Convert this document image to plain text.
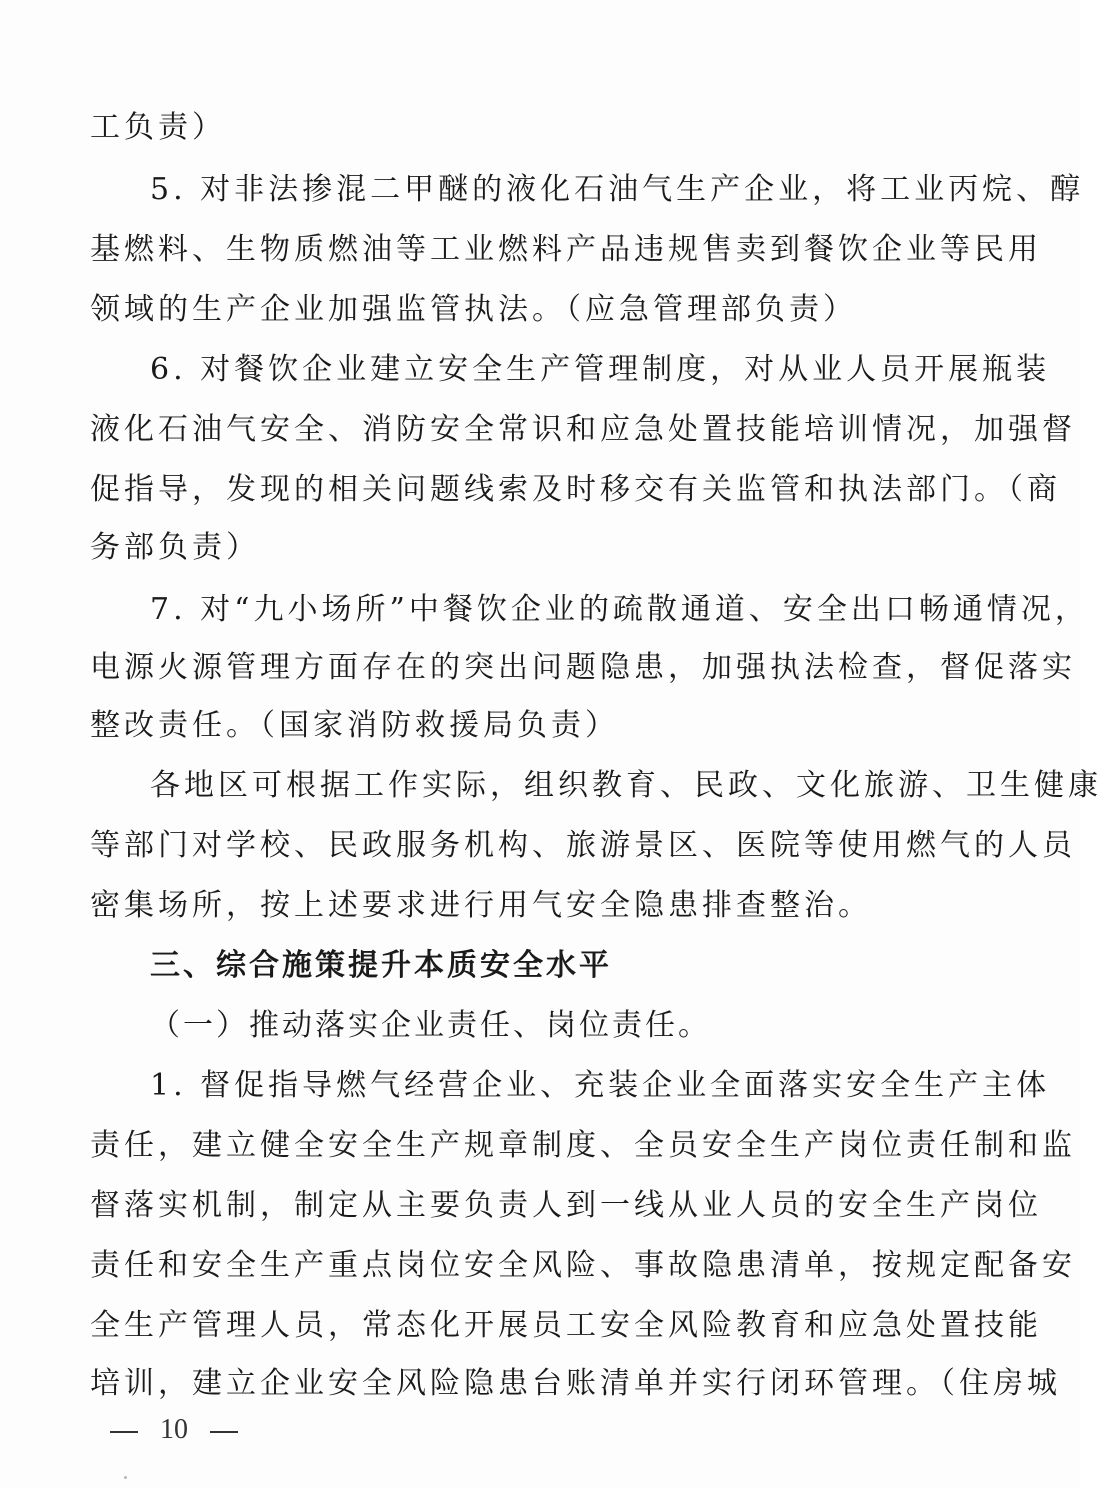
工负责）
5. 对非法掺混二甲醚的液化石油气生产企业，将工业丙烷、醇
基燃料、生物质燃油等工业燃料产品违规售卖到餐饮企业等民用
领域的生产企业加强监管执法。（应急管理部负责）
6. 对餐饮企业建立安全生产管理制度，对从业人员开展瓶装
液化石油气安全、消防安全常识和应急处置技能培训情况，加强督
促指导，发现的相关问题线索及时移交有关监管和执法部门。（商
务部负责）
7. 对“九小场所”中餐饮企业的疏散通道、安全出口畅通情况，
电源火源管理方面存在的突出问题隐患，加强执法检查，督促落实
整改责任。（国家消防救援局负责）
各地区可根据工作实际，组织教育、民政、文化旅游、卫生健康
等部门对学校、民政服务机构、旅游景区、医院等使用燃气的人员
密集场所，按上述要求进行用气安全隐患排查整治。
三、综合施策提升本质安全水平
（一）推动落实企业责任、岗位责任。
1. 督促指导燃气经营企业、充装企业全面落实安全生产主体
责任，建立健全安全生产规章制度、全员安全生产岗位责任制和监
督落实机制，制定从主要负责人到一线从业人员的安全生产岗位
责任和安全生产重点岗位安全风险、事故隐患清单，按规定配备安
全生产管理人员，常态化开展员工安全风险教育和应急处置技能
培训，建立企业安全风险隐患台账清单并实行闭环管理。（住房城
10
